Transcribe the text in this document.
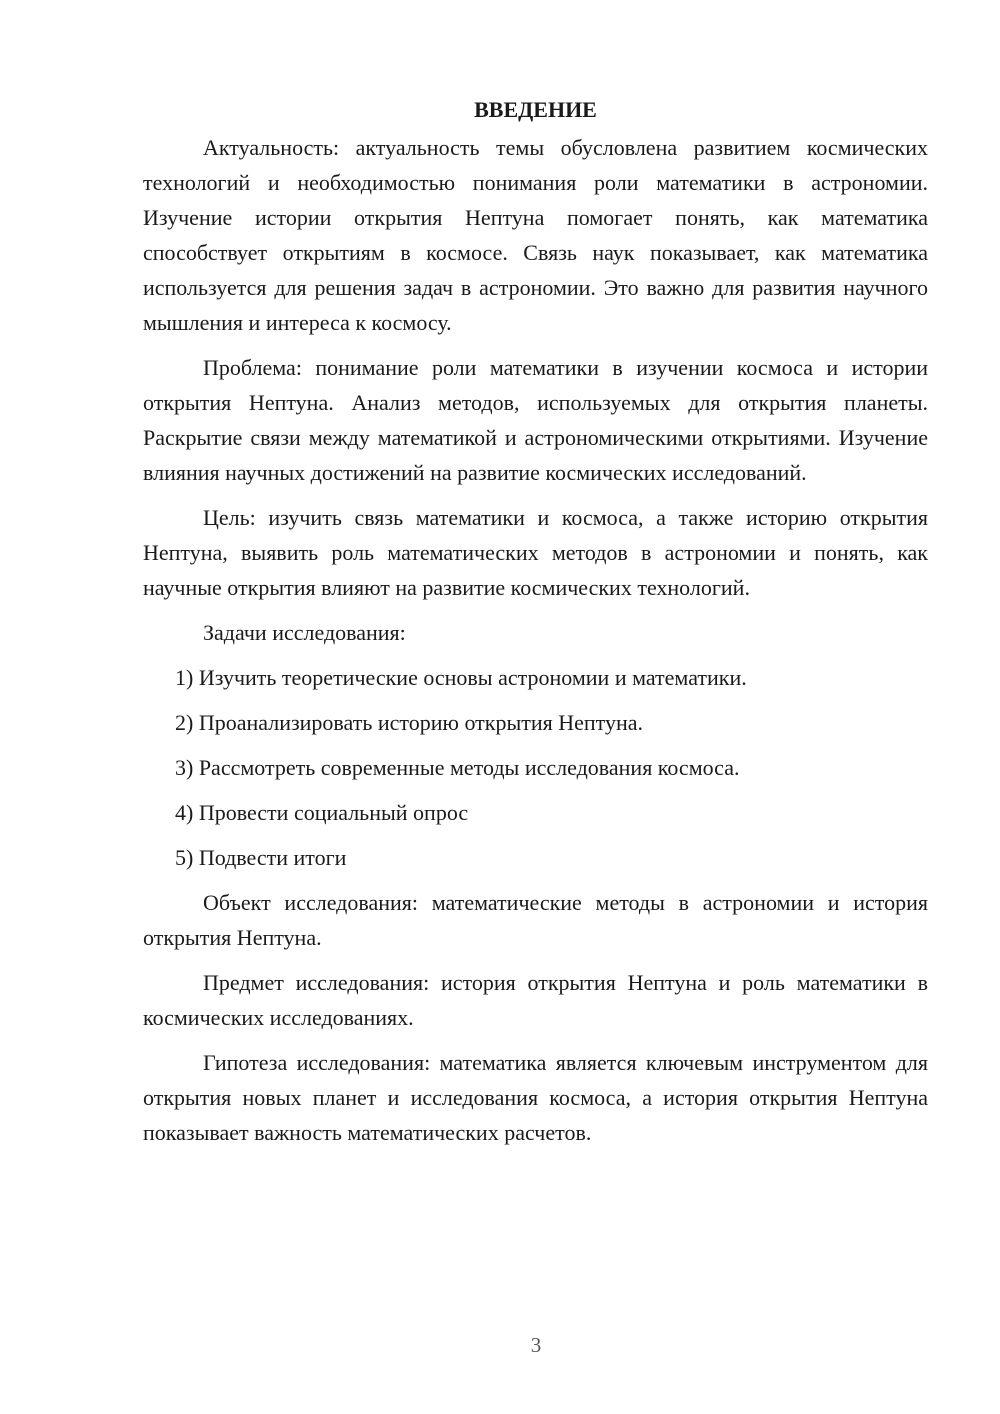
ВВЕДЕНИЕ

Актуальность: актуальность темы обусловлена развитием космических технологий и необходимостью понимания роли математики в астрономии. Изучение истории открытия Нептуна помогает понять, как математика способствует открытиям в космосе. Связь наук показывает, как математика используется для решения задач в астрономии. Это важно для развития научного мышления и интереса к космосу.

Проблема: понимание роли математики в изучении космоса и истории открытия Нептуна. Анализ методов, используемых для открытия планеты. Раскрытие связи между математикой и астрономическими открытиями. Изучение влияния научных достижений на развитие космических исследований.

Цель: изучить связь математики и космоса, а также историю открытия Нептуна, выявить роль математических методов в астрономии и понять, как научные открытия влияют на развитие космических технологий.

Задачи исследования:

1) Изучить теоретические основы астрономии и математики.

2) Проанализировать историю открытия Нептуна.

3) Рассмотреть современные методы исследования космоса.

4) Провести социальный опрос

5) Подвести итоги

Объект исследования: математические методы в астрономии и история открытия Нептуна.

Предмет исследования: история открытия Нептуна и роль математики в космических исследованиях.

Гипотеза исследования: математика является ключевым инструментом для открытия новых планет и исследования космоса, а история открытия Нептуна показывает важность математических расчетов.

3
